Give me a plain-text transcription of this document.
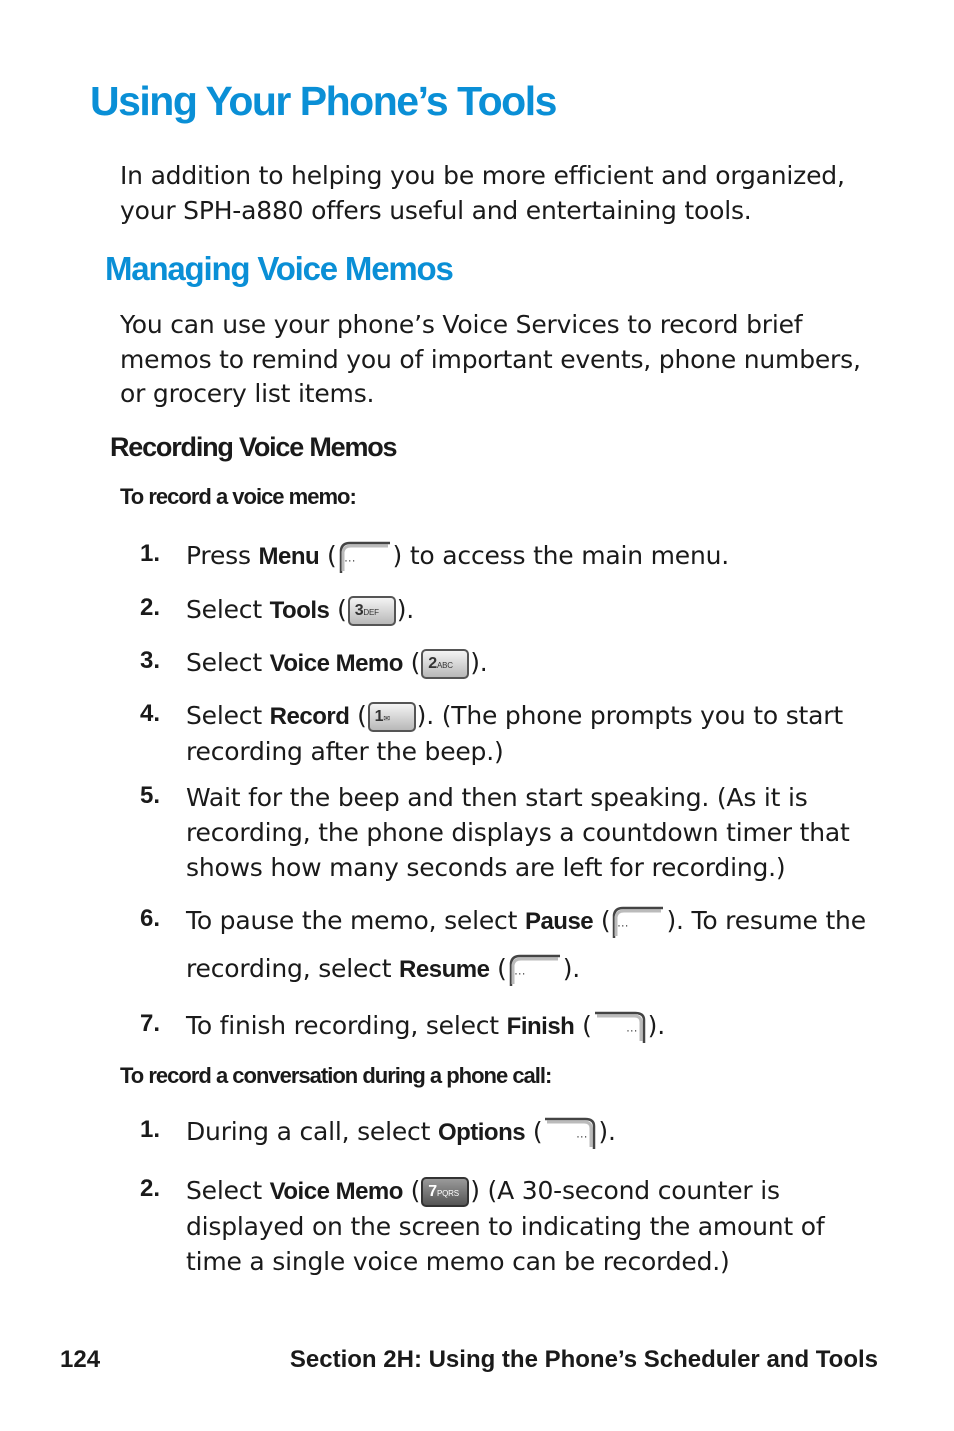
Using Your Phone’s Tools

In addition to helping you be more efficient and organized, your SPH-a880 offers useful and entertaining tools.

Managing Voice Memos

You can use your phone’s Voice Services to record brief memos to remind you of important events, phone numbers, or grocery list items.

Recording Voice Memos
To record a voice memo:
1. Press Menu ( ··· ) to access the main menu.
2. Select Tools ( 3DEF ).
3. Select Voice Memo ( 2ABC ).
4. Select Record ( 1✉ ). (The phone prompts you to start recording after the beep.)
5. Wait for the beep and then start speaking. (As it is recording, the phone displays a countdown timer that shows how many seconds are left for recording.)
6. To pause the memo, select Pause ( ··· ). To resume the recording, select Resume ( ··· ).
7. To finish recording, select Finish (	··· ).
To record a conversation during a phone call:
1. During a call, select Options (	··· ).
2. Select Voice Memo ( 7PQRS ) (A 30-second counter is displayed on the screen to indicating the amount of time a single voice memo can be recorded.)
124	Section 2H: Using the Phone’s Scheduler and Tools
